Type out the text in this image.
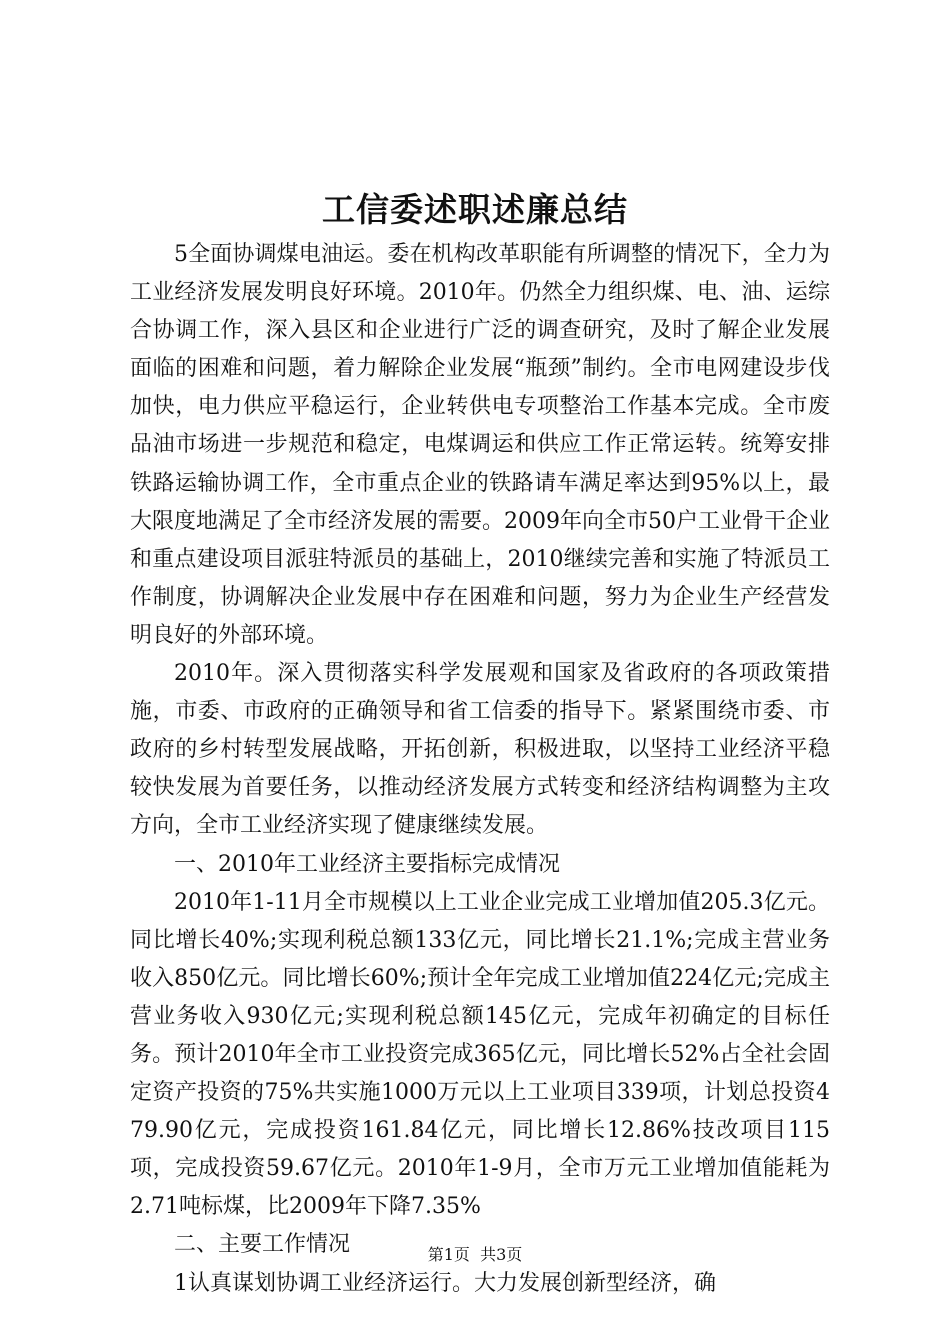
工信委述职述廉总结

5全面协调煤电油运。委在机构改革职能有所调整的情况下，全力为工业经济发展发明良好环境。2010年。仍然全力组织煤、电、油、运综合协调工作，深入县区和企业进行广泛的调查研究，及时了解企业发展面临的困难和问题，着力解除企业发展“瓶颈”制约。全市电网建设步伐加快，电力供应平稳运行，企业转供电专项整治工作基本完成。全市废品油市场进一步规范和稳定，电煤调运和供应工作正常运转。统筹安排铁路运输协调工作，全市重点企业的铁路请车满足率达到95%以上，最大限度地满足了全市经济发展的需要。2009年向全市50户工业骨干企业和重点建设项目派驻特派员的基础上，2010继续完善和实施了特派员工作制度，协调解决企业发展中存在困难和问题，努力为企业生产经营发明良好的外部环境。

2010年。深入贯彻落实科学发展观和国家及省政府的各项政策措施，市委、市政府的正确领导和省工信委的指导下。紧紧围绕市委、市政府的乡村转型发展战略，开拓创新，积极进取，以坚持工业经济平稳较快发展为首要任务，以推动经济发展方式转变和经济结构调整为主攻方向，全市工业经济实现了健康继续发展。

一、2010年工业经济主要指标完成情况

2010年1-11月全市规模以上工业企业完成工业增加值205.3亿元。同比增长40%;实现利税总额133亿元，同比增长21.1%;完成主营业务收入850亿元。同比增长60%;预计全年完成工业增加值224亿元;完成主营业务收入930亿元;实现利税总额145亿元，完成年初确定的目标任务。预计2010年全市工业投资完成365亿元，同比增长52%占全社会固定资产投资的75%共实施1000万元以上工业项目339项，计划总投资479.90亿元，完成投资161.84亿元，同比增长12.86%技改项目115项，完成投资59.67亿元。2010年1-9月，全市万元工业增加值能耗为2.71吨标煤，比2009年下降7.35%

二、主要工作情况

1认真谋划协调工业经济运行。大力发展创新型经济，确

第1页 共3页
